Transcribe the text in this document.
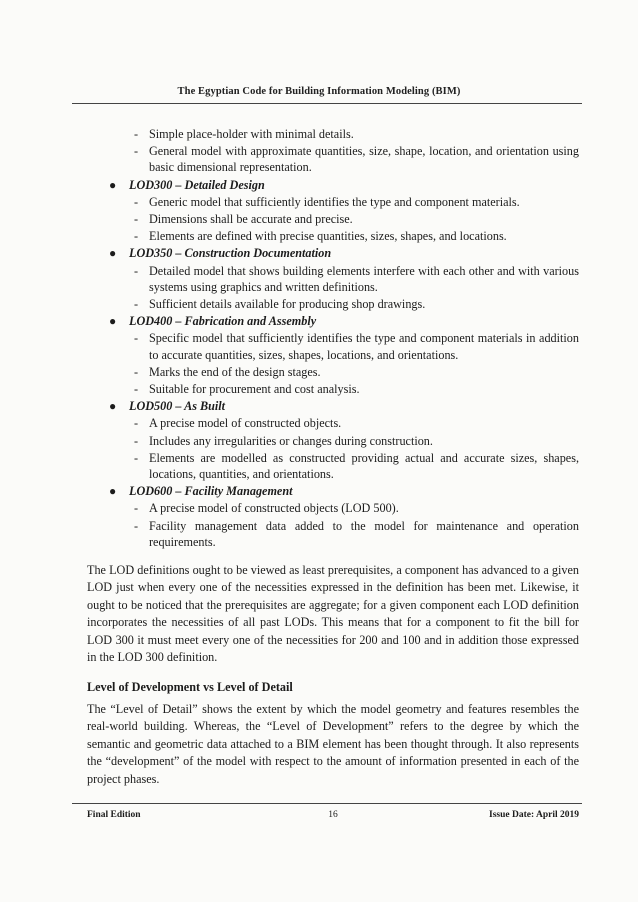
The Egyptian Code for Building Information Modeling (BIM)
- Simple place-holder with minimal details.
- General model with approximate quantities, size, shape, location, and orientation using basic dimensional representation.
● LOD300 – Detailed Design
- Generic model that sufficiently identifies the type and component materials.
- Dimensions shall be accurate and precise.
- Elements are defined with precise quantities, sizes, shapes, and locations.
● LOD350 – Construction Documentation
- Detailed model that shows building elements interfere with each other and with various systems using graphics and written definitions.
- Sufficient details available for producing shop drawings.
● LOD400 – Fabrication and Assembly
- Specific model that sufficiently identifies the type and component materials in addition to accurate quantities, sizes, shapes, locations, and orientations.
- Marks the end of the design stages.
- Suitable for procurement and cost analysis.
● LOD500 – As Built
- A precise model of constructed objects.
- Includes any irregularities or changes during construction.
- Elements are modelled as constructed providing actual and accurate sizes, shapes, locations, quantities, and orientations.
● LOD600 – Facility Management
- A precise model of constructed objects (LOD 500).
- Facility management data added to the model for maintenance and operation requirements.

The LOD definitions ought to be viewed as least prerequisites, a component has advanced to a given LOD just when every one of the necessities expressed in the definition has been met. Likewise, it ought to be noticed that the prerequisites are aggregate; for a given component each LOD definition incorporates the necessities of all past LODs. This means that for a component to fit the bill for LOD 300 it must meet every one of the necessities for 200 and 100 and in addition those expressed in the LOD 300 definition.

Level of Development vs Level of Detail

The “Level of Detail” shows the extent by which the model geometry and features resembles the real-world building. Whereas, the “Level of Development” refers to the degree by which the semantic and geometric data attached to a BIM element has been thought through. It also represents the “development” of the model with respect to the amount of information presented in each of the project phases.

Final Edition	16	Issue Date: April 2019
